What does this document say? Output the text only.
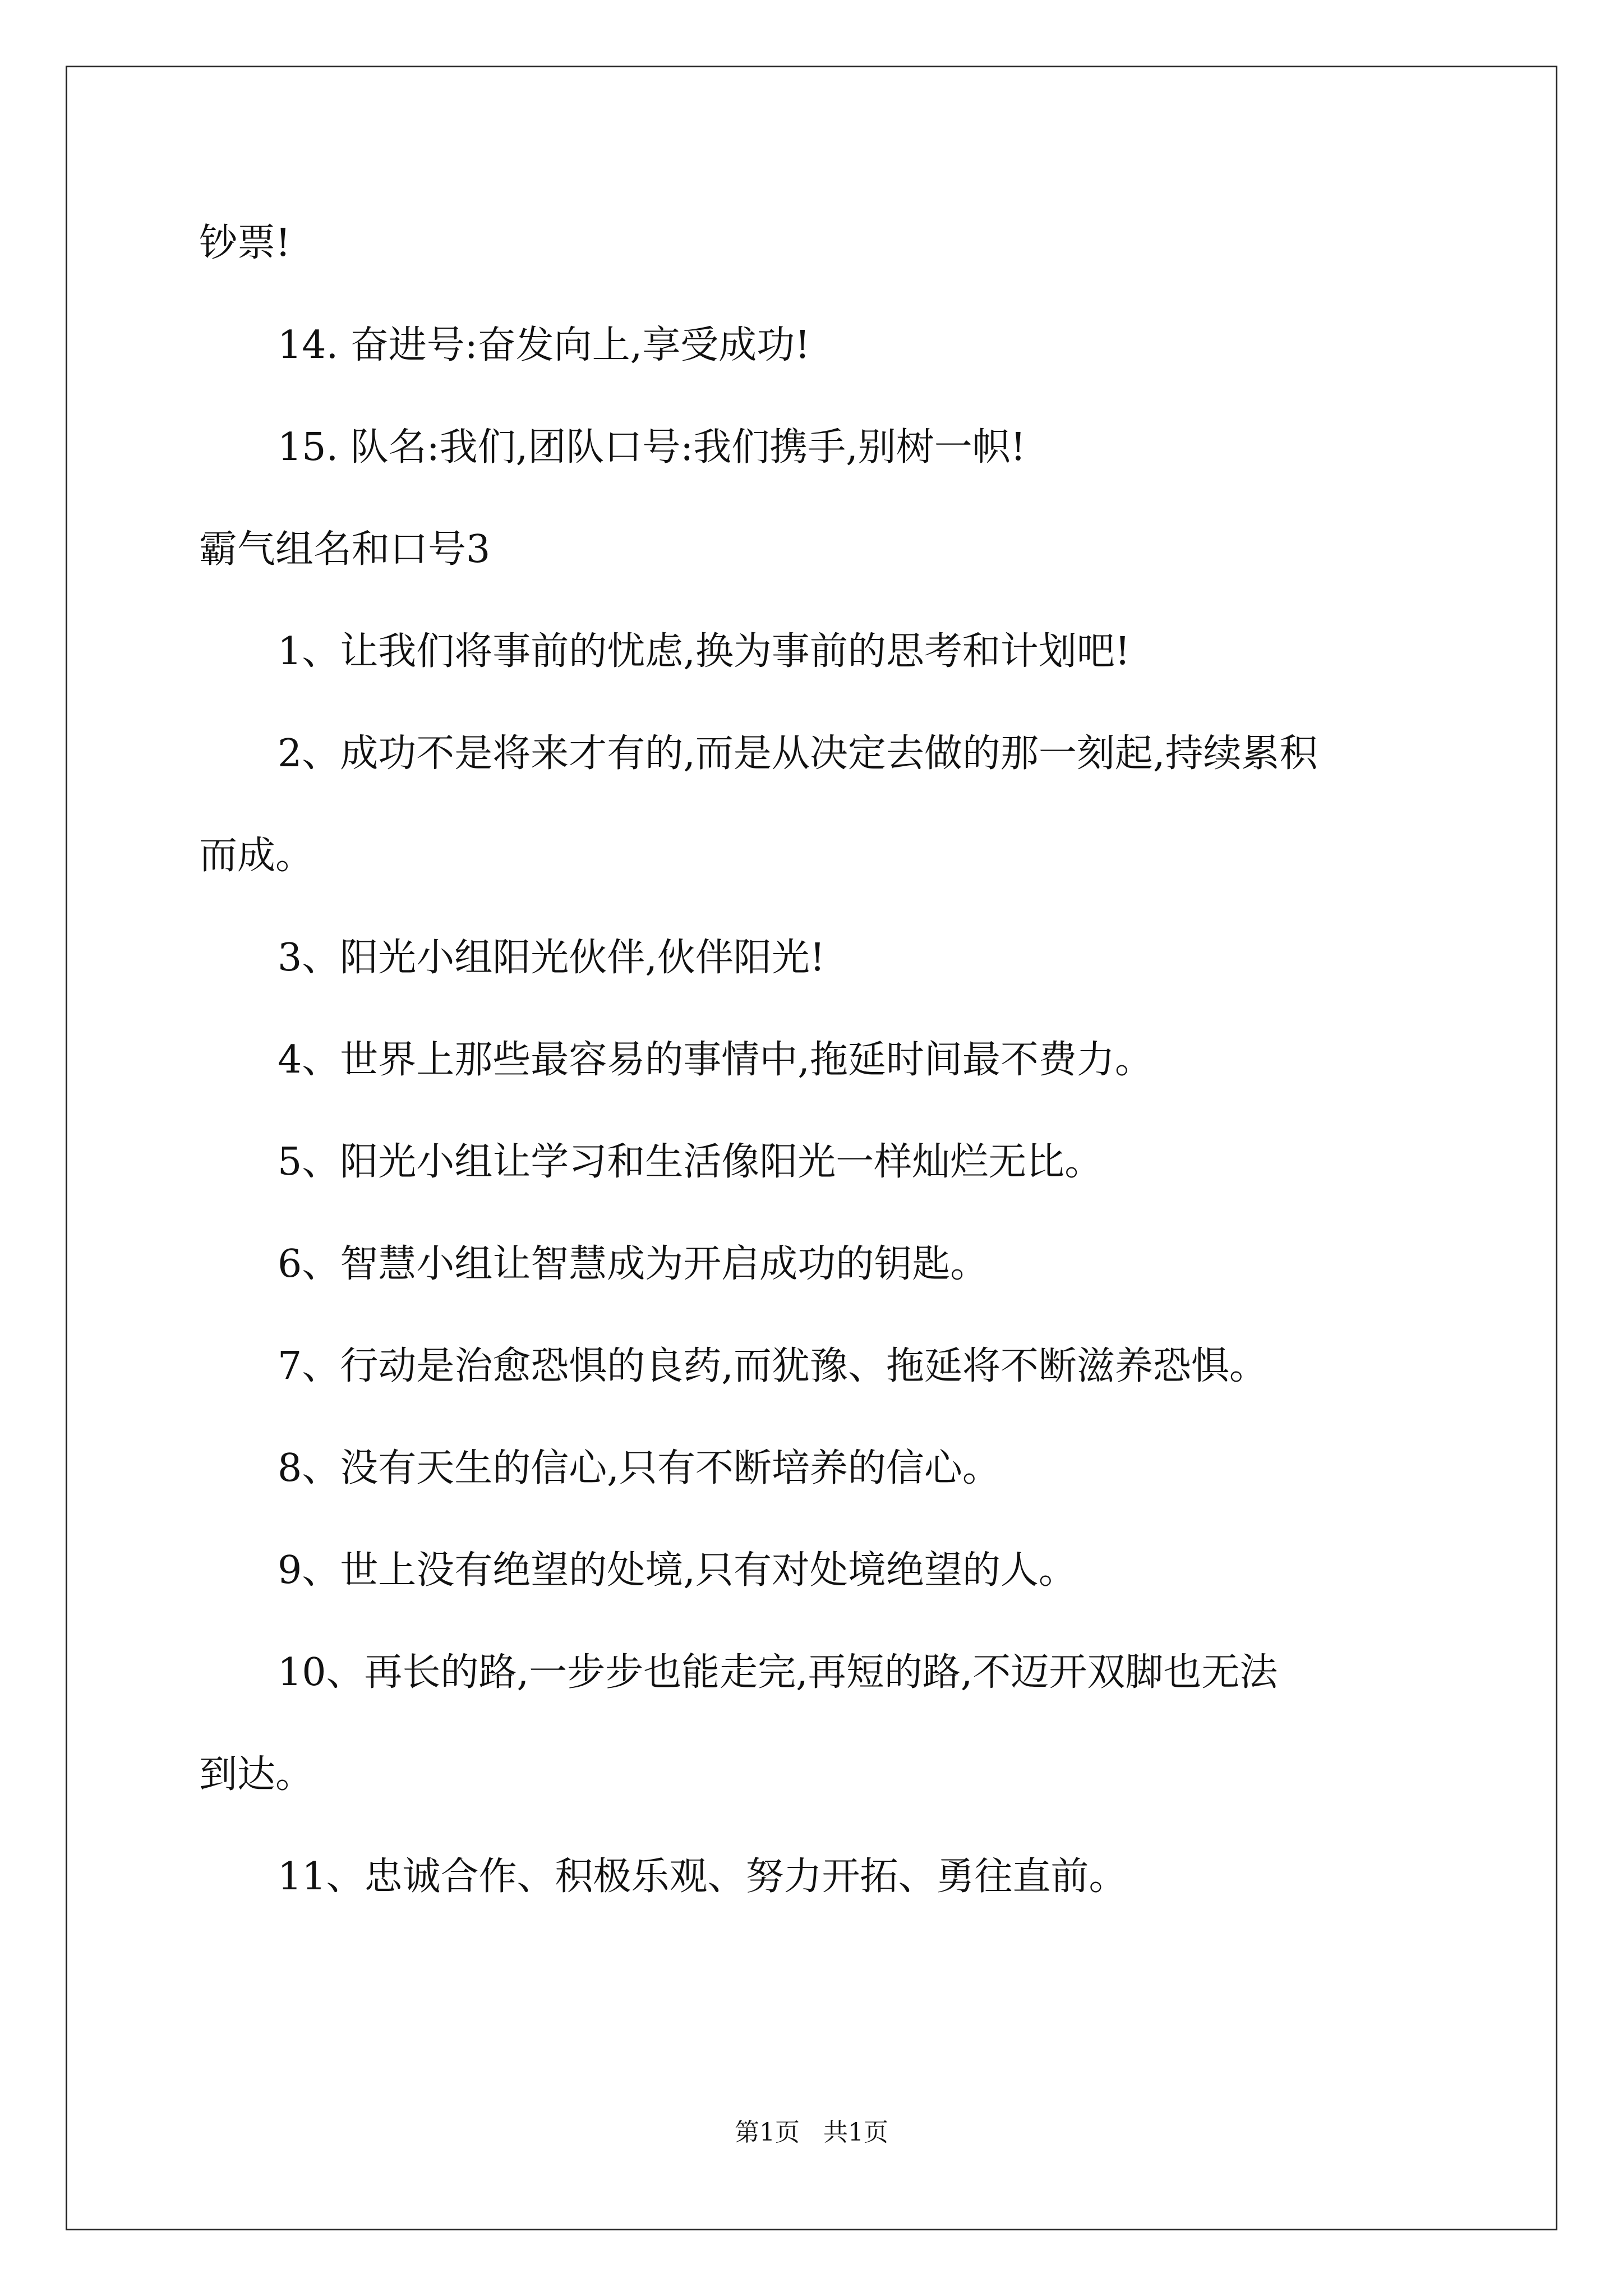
钞票!
14. 奋进号:奋发向上,享受成功!
15. 队名:我们,团队口号:我们携手,别树一帜!
霸气组名和口号3
1、让我们将事前的忧虑,换为事前的思考和计划吧!
2、成功不是将来才有的,而是从决定去做的那一刻起,持续累积
而成。
3、阳光小组阳光伙伴,伙伴阳光!
4、世界上那些最容易的事情中,拖延时间最不费力。
5、阳光小组让学习和生活像阳光一样灿烂无比。
6、智慧小组让智慧成为开启成功的钥匙。
7、行动是治愈恐惧的良药,而犹豫、拖延将不断滋养恐惧。
8、没有天生的信心,只有不断培养的信心。
9、世上没有绝望的处境,只有对处境绝望的人。
10、再长的路,一步步也能走完,再短的路,不迈开双脚也无法
到达。
11、忠诚合作、积极乐观、努力开拓、勇往直前。
第1页   共1页
